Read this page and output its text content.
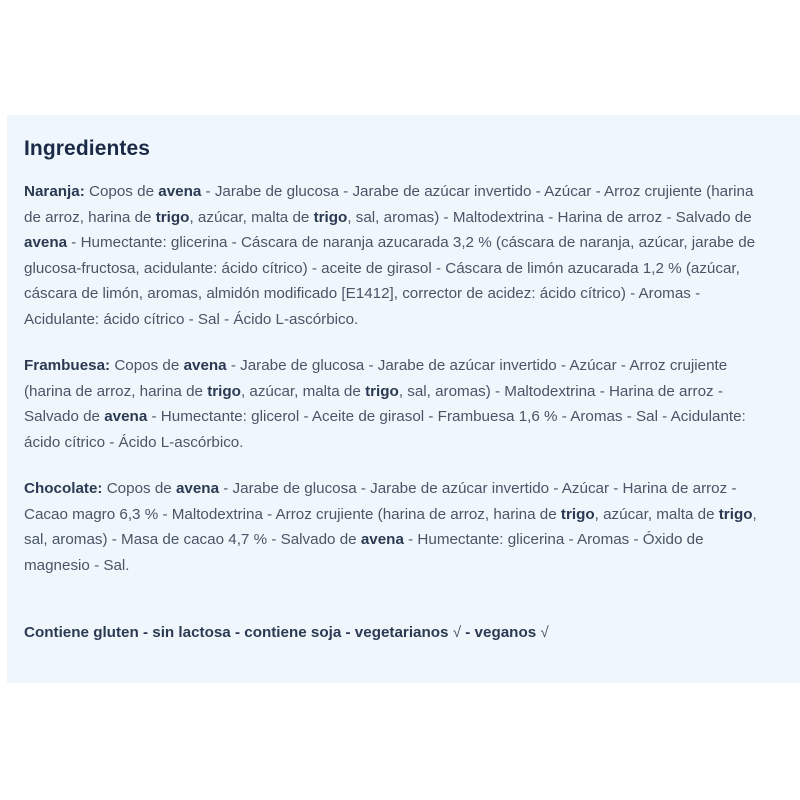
Ingredientes

Naranja: Copos de avena - Jarabe de glucosa - Jarabe de azúcar invertido - Azúcar - Arroz crujiente (harina de arroz, harina de trigo, azúcar, malta de trigo, sal, aromas) - Maltodextrina - Harina de arroz - Salvado de  avena - Humectante: glicerina - Cáscara de naranja azucarada 3,2 % (cáscara de naranja, azúcar, jarabe de glucosa-fructosa, acidulante: ácido cítrico) - aceite de girasol - Cáscara de limón azucarada 1,2 % (azúcar, cáscara de limón, aromas, almidón modificado [E1412], corrector de acidez: ácido cítrico) - Aromas - Acidulante: ácido cítrico - Sal - Ácido L-ascórbico.

Frambuesa: Copos de avena - Jarabe de glucosa - Jarabe de azúcar invertido - Azúcar - Arroz crujiente (harina de arroz, harina de trigo, azúcar, malta de trigo, sal, aromas) - Maltodextrina - Harina de arroz - Salvado de avena - Humectante: glicerol - Aceite de girasol - Frambuesa 1,6 % - Aromas - Sal - Acidulante: ácido cítrico - Ácido L-ascórbico.

Chocolate: Copos de avena - Jarabe de glucosa - Jarabe de azúcar invertido - Azúcar - Harina de arroz - Cacao magro 6,3 % - Maltodextrina - Arroz crujiente (harina de arroz, harina de trigo, azúcar, malta de trigo, sal, aromas) - Masa de cacao 4,7 % - Salvado de avena - Humectante: glicerina - Aromas - Óxido de magnesio - Sal.

Contiene gluten - sin lactosa - contiene soja - vegetarianos √ - veganos √
